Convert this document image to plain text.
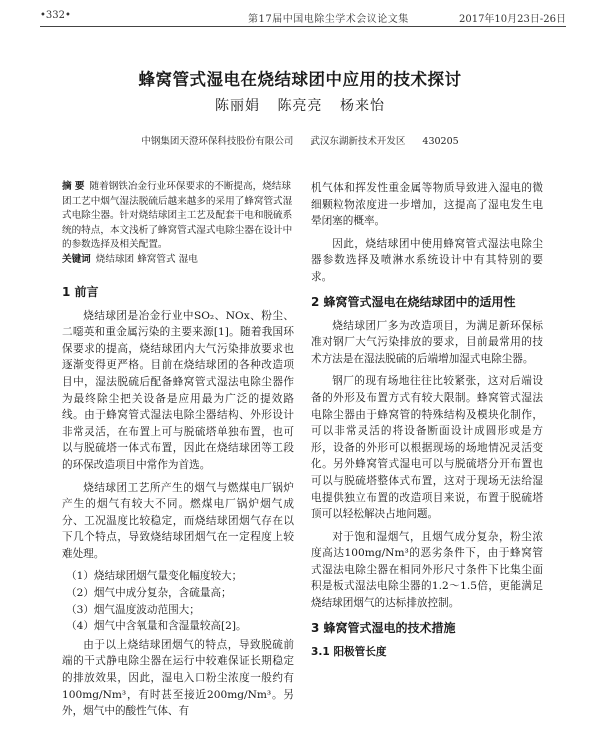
•332•	第17届中国电除尘学术会议论文集	2017年10月23日-26日
蜂窝管式湿电在烧结球团中应用的技术探讨
陈丽娟 陈亮亮 杨来怡
中钢集团天澄环保科技股份有限公司 武汉东湖新技术开发区 430205
摘 要 随着钢铁冶金行业环保要求的不断提高，烧结球团工艺中烟气湿法脱硫后越来越多的采用了蜂窝管式湿式电除尘器。针对烧结球团主工艺及配套干电和脱硫系统的特点，本文浅析了蜂窝管式湿式电除尘器在设计中的参数选择及相关配置。
关键词 烧结球团 蜂窝管式 湿电
1 前言

烧结球团是冶金行业中SO₂、NOx、粉尘、二噁英和重金属污染的主要来源[1]。随着我国环保要求的提高，烧结球团内大气污染排放要求也逐渐变得更严格。目前在烧结球团的各种改造项目中，湿法脱硫后配备蜂窝管式湿法电除尘器作为最终除尘把关设备是应用最为广泛的提效路线。由于蜂窝管式湿法电除尘器结构、外形设计非常灵活，在布置上可与脱硫塔单独布置，也可以与脱硫塔一体式布置，因此在烧结球团等工段的环保改造项目中常作为首选。

烧结球团工艺所产生的烟气与燃煤电厂锅炉产生的烟气有较大不同。燃煤电厂锅炉烟气成分、工况温度比较稳定，而烧结球团烟气存在以下几个特点，导致烧结球团烟气在一定程度上较难处理。

（1）烧结球团烟气量变化幅度较大；
（2）烟气中成分复杂，含硫量高；
（3）烟气温度波动范围大；
（4）烟气中含氧量和含湿量较高[2]。

由于以上烧结球团烟气的特点，导致脱硫前端的干式静电除尘器在运行中较难保证长期稳定的排放效果，因此，湿电入口粉尘浓度一般约有100mg/Nm³，有时甚至接近200mg/Nm³。另外，烟气中的酸性气体、有

机气体和挥发性重金属等物质导致进入湿电的微细颗粒物浓度进一步增加，这提高了湿电发生电晕闭塞的概率。

因此，烧结球团中使用蜂窝管式湿法电除尘器参数选择及喷淋水系统设计中有其特别的要求。

2 蜂窝管式湿电在烧结球团中的适用性

烧结球团厂多为改造项目，为满足新环保标准对钢厂大气污染排放的要求，目前最常用的技术方法是在湿法脱硫的后端增加湿式电除尘器。

钢厂的现有场地往往比较紧张，这对后端设备的外形及布置方式有较大限制。蜂窝管式湿法电除尘器由于蜂窝管的特殊结构及模块化制作，可以非常灵活的将设备断面设计成圆形或是方形，设备的外形可以根据现场的场地情况灵活变化。另外蜂窝管式湿电可以与脱硫塔分开布置也可以与脱硫塔整体式布置，这对于现场无法给湿电提供独立布置的改造项目来说，布置于脱硫塔顶可以轻松解决占地问题。

对于饱和湿烟气，且烟气成分复杂，粉尘浓度高达100mg/Nm³的恶劣条件下，由于蜂窝管式湿法电除尘器在相同外形尺寸条件下比集尘面积是板式湿法电除尘器的1.2～1.5倍，更能满足烧结球团烟气的达标排放控制。

3 蜂窝管式湿电的技术措施
3.1 阳极管长度
